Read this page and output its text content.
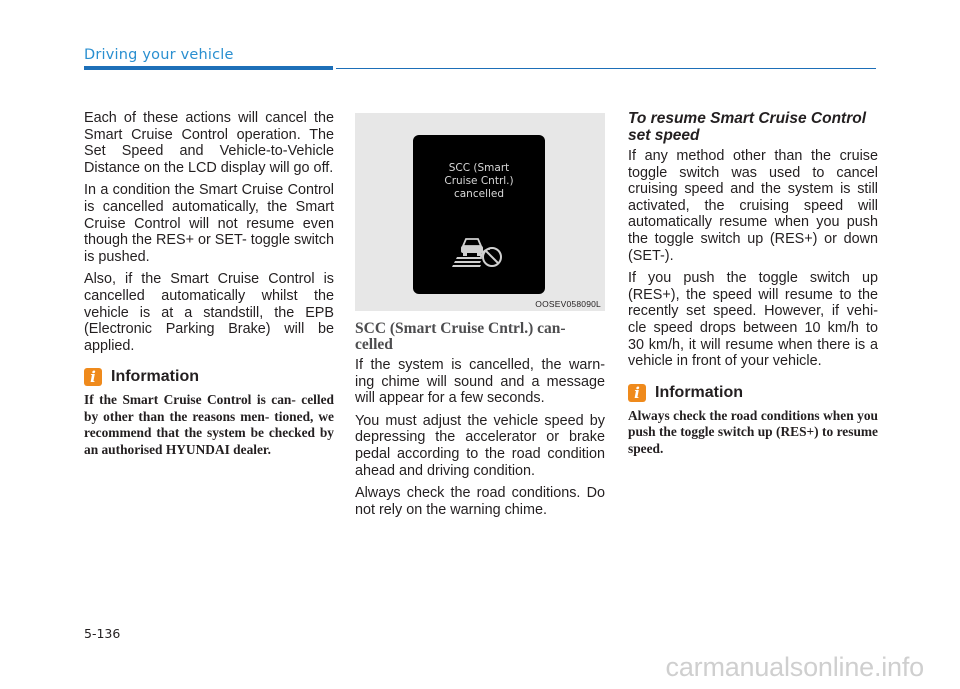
Driving your vehicle

Each of these actions will cancel the Smart Cruise Control operation. The Set Speed and Vehicle-to-Vehicle Distance on the LCD display will go off.

In a condition the Smart Cruise Control is cancelled automatically, the Smart Cruise Control will not resume even though the RES+ or SET- toggle switch is pushed.

Also, if the Smart Cruise Control is cancelled automatically whilst the vehicle is at a standstill, the EPB (Electronic Parking Brake) will be applied.

i Information

If the Smart Cruise Control is can- celled by other than the reasons men- tioned, we recommend that the system be checked by an authorised HYUNDAI dealer.

SCC (Smart
Cruise Cntrl.)
cancelled
OOSEV058090L
SCC (Smart Cruise Cntrl.) can-
celled

If the system is cancelled, the warn- ing chime will sound and a message will appear for a few seconds.

You must adjust the vehicle speed by depressing the accelerator or brake pedal according to the road condition ahead and driving condition.

Always check the road conditions. Do not rely on the warning chime.

To resume Smart Cruise Control
set speed

If any method other than the cruise toggle switch was used to cancel cruising speed and the system is still activated, the cruising speed will automatically resume when you push the toggle switch up (RES+) or down (SET-).

If you push the toggle switch up (RES+), the speed will resume to the recently set speed. However, if vehi- cle speed drops between 10 km/h to 30 km/h, it will resume when there is a vehicle in front of your vehicle.

i Information

Always check the road conditions when you push the toggle switch up (RES+) to resume speed.

5-136
carmanualsonline.info
